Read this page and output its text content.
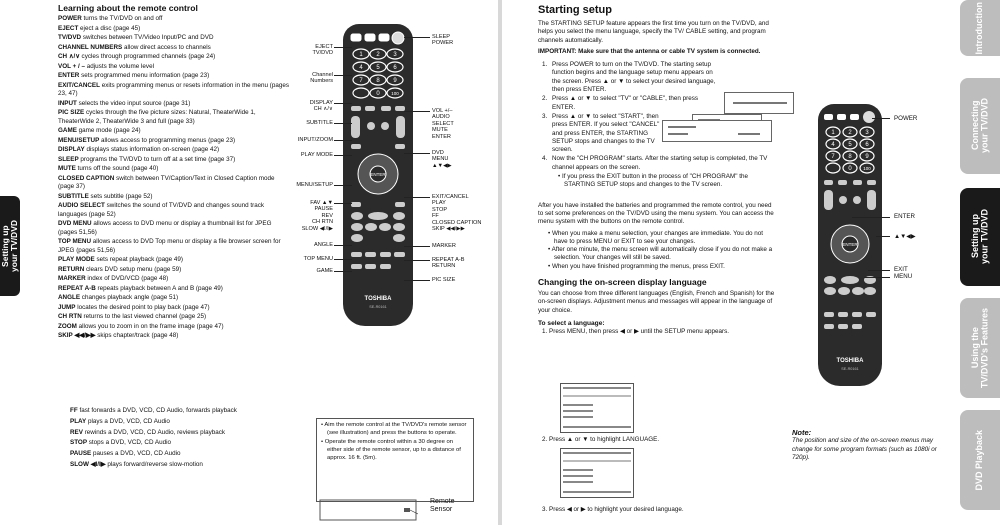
Setting up
your TV/DVD
Learning about the remote control
POWER turns the TV/DVD on and off
EJECT eject a disc (page 45)
TV/DVD switches between TV/Video Input/PC and DVD
CHANNEL NUMBERS allow direct access to channels
CH ∧/∨ cycles through programmed channels (page 24)
VOL + / – adjusts the volume level
ENTER sets programmed menu information (page 23)
EXIT/CANCEL exits programming menus or resets information in the menu (pages 23, 47)
INPUT selects the video input source (page 31)
PIC SIZE cycles through the five picture sizes: Natural, TheaterWide 1, TheaterWide 2, TheaterWide 3 and full (page 33)
GAME game mode (page 24)
MENU/SETUP allows access to programming menus (page 23)
DISPLAY displays status information on-screen (page 42)
SLEEP programs the TV/DVD to turn off at a set time (page 37)
MUTE turns off the sound (page 40)
CLOSED CAPTION switch between TV/Caption/Text in Closed Caption mode (page 37)
SUBTITLE sets subtitle (page 52)
AUDIO SELECT switches the sound of TV/DVD and changes sound track languages (page 52)
DVD MENU allows access to DVD menu or display a thumbnail list for JPEG (pages 51,56)
TOP MENU allows access to DVD Top menu or display a file browser screen for JPEG (pages 51,56)
PLAY MODE sets repeat playback (page 49)
RETURN clears DVD setup menu (page 59)
MARKER index of DVD/VCD (page 48)
REPEAT A-B repeats playback between A and B (page 49)
ANGLE changes playback angle (page 51)
JUMP locates the desired point to play back (page 47)
CH RTN returns to the last viewed channel (page 25)
ZOOM allows you to zoom in on the frame image (page 47)
SKIP ◀◀/▶▶ skips chapter/track (page 48)
1 2 3
4 5 6
7 8 9
0	100
ENTER
TOSHIBA
SE-R0161
EJECT
TV/DVD
Channel
Numbers
DISPLAY
CH ∧/∨
SUBTITLE
INPUT/ZOOM
PLAY MODE
MENU/SETUP
FAV ▲▼
PAUSE
REV
CH RTN
SLOW ◀I/I▶
ANGLE
TOP MENU
GAME
SLEEP
POWER
VOL +/–
AUDIO
SELECT
MUTE
ENTER
DVD
MENU
▲▼◀▶
EXIT/CANCEL
PLAY
STOP
FF
CLOSED CAPTION
SKIP ◀◀/▶▶
MARKER
REPEAT A-B
RETURN
PIC SIZE
FF fast forwards a DVD, VCD, CD Audio, forwards playback
PLAY plays a DVD, VCD, CD Audio
REV rewinds a DVD, VCD, CD Audio, reviews playback
STOP stops a DVD, VCD, CD Audio
PAUSE pauses a DVD, VCD, CD Audio
SLOW ◀I/I▶ plays forward/reverse slow-motion
• Aim the remote control at the TV/DVD's remote sensor (see illustration) and press the buttons to operate.
• Operate the remote control within a 30 degree on either side of the remote sensor, up to a distance of approx. 16 ft. (5m).
Remote
Sensor
Starting setup
The STARTING SETUP feature appears the first time you turn on the TV/DVD, and helps you select the menu language, specify the TV/ CABLE setting, and program channels automatically.
IMPORTANT: Make sure that the antenna or cable TV system is connected.
1. Press POWER to turn on the TV/DVD. The starting setup function begins and the language setup menu appears on the screen. Press ▲ or ▼ to select your desired language, then press ENTER.
2. Press ▲ or ▼ to select "TV" or "CABLE", then press ENTER.
3. Press ▲ or ▼ to select "START", then press ENTER. If you select "CANCEL" and press ENTER, the STARTING SETUP stops and changes to the TV screen.
4. Now the "CH PROGRAM" starts. After the starting setup is completed, the TV channel appears on the screen.
• If you press the EXIT button in the process of "CH PROGRAM" the STARTING SETUP stops and changes to the TV screen.
After you have installed the batteries and programmed the remote control, you need to set some preferences on the TV/DVD using the menu system. You can access the menu system with the buttons on the remote control.
• When you make a menu selection, your changes are immediate. You do not have to press MENU or EXIT to see your changes.
• After one minute, the menu screen will automatically close if you do not make a selection. Your changes will still be saved.
• When you have finished programming the menus, press EXIT.
Changing the on-screen display language
You can choose from three different languages (English, French and Spanish) for the on-screen displays. Adjustment menus and messages will appear in the language of your choice.
To select a language:
1. Press MENU, then press ◀ or ▶ until the SETUP menu appears.
2. Press ▲ or ▼ to highlight LANGUAGE.
3. Press ◀ or ▶ to highlight your desired language.
1 2 3
4 5 6
7 8 9
0	100
ENTER
TOSHIBA
SE-R0161
POWER
ENTER
▲▼◀▶
EXIT
MENU
Note:
The position and size of the on-screen menus may change for some program formats (such as 1080i or 720p).
Introduction
Connecting
your TV/DVD
Setting up
your TV/DVD
Using the
TV/DVD's Features
DVD Playback
